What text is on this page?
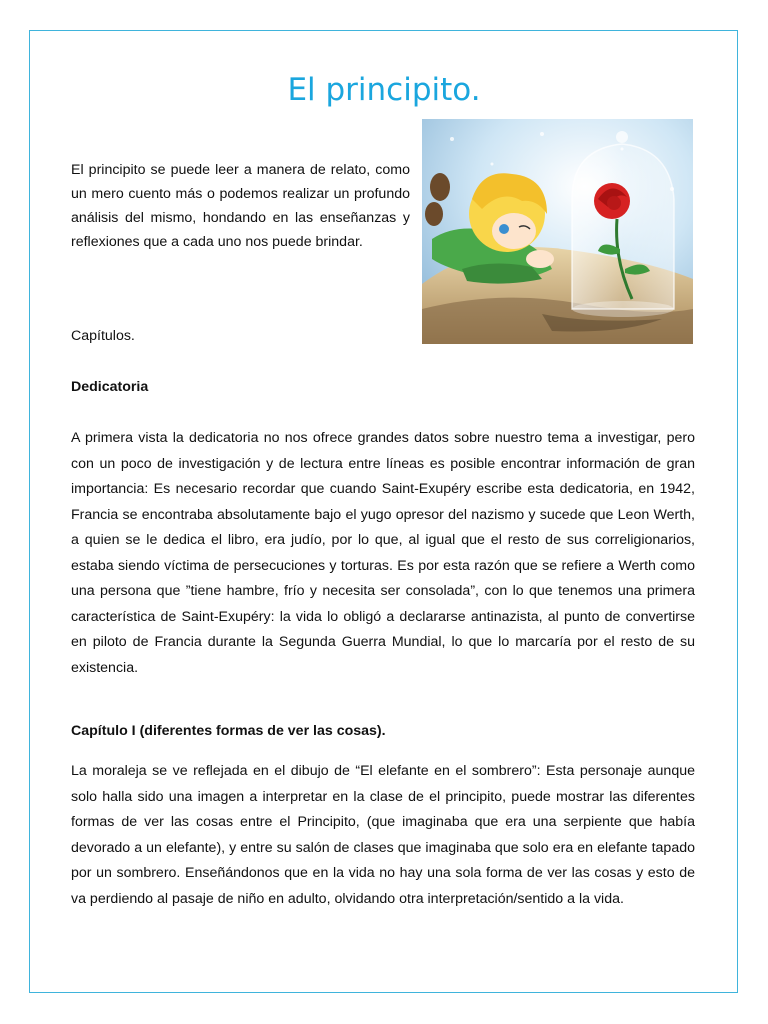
El principito.

El principito se puede leer a manera de relato, como un mero cuento más o podemos realizar un profundo análisis del mismo, hondando en las enseñanzas y reflexiones que a cada uno nos puede brindar.

Capítulos.

Dedicatoria

A primera vista la dedicatoria no nos ofrece grandes datos sobre nuestro tema a investigar, pero con un poco de investigación y de lectura entre líneas es posible encontrar información de gran importancia: Es necesario recordar que cuando Saint-Exupéry escribe esta dedicatoria, en 1942, Francia se encontraba absolutamente bajo el yugo opresor del nazismo y sucede que Leon Werth, a quien se le dedica el libro, era judío, por lo que, al igual que el resto de sus correligionarios, estaba siendo víctima de persecuciones y torturas. Es por esta razón que se refiere a Werth como una persona que ”tiene hambre, frío y necesita ser consolada”, con lo que tenemos una primera característica de Saint-Exupéry: la vida lo obligó a declararse antinazista, al punto de convertirse en piloto de Francia durante la Segunda Guerra Mundial, lo que lo marcaría por el resto de su existencia.

Capítulo I (diferentes formas de ver las cosas).

La moraleja se ve reflejada en el dibujo de “El elefante en el sombrero”: Esta personaje aunque solo halla sido una imagen a interpretar en la clase de el principito, puede mostrar las diferentes formas de ver las cosas entre el Principito, (que imaginaba que era una serpiente que había devorado a un elefante), y entre su salón de clases que imaginaba que solo era en elefante tapado por un sombrero. Enseñándonos que en la vida no hay una sola forma de ver las cosas y esto de va perdiendo al pasaje de niño en adulto, olvidando otra interpretación/sentido a la vida.
